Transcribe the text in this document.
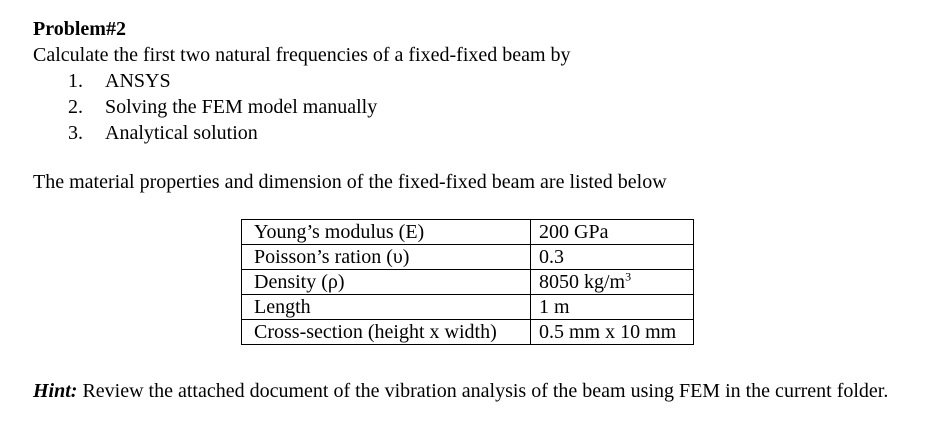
Problem#2

Calculate the first two natural frequencies of a fixed-fixed beam by

1. ANSYS
2. Solving the FEM model manually
3. Analytical solution

The material properties and dimension of the fixed-fixed beam are listed below

Young’s modulus (E)	200 GPa
Poisson’s ration (υ)	0.3
Density (ρ)	8050 $kg/m^3$
Length	1 m
Cross-section (height x width)	0.5 mm x 10 mm

Hint: Review the attached document of the vibration analysis of the beam using FEM in the current folder.
